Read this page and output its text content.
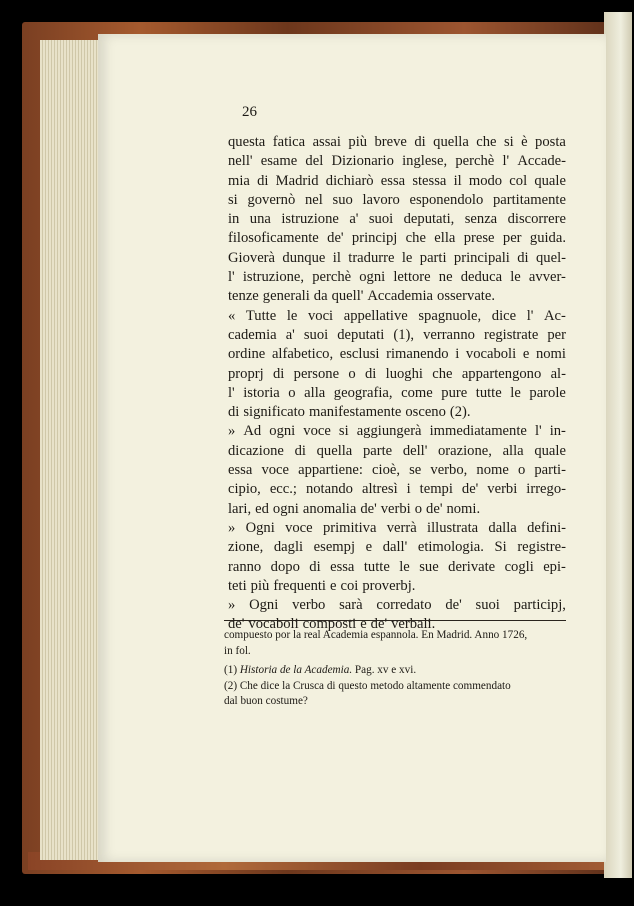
26
questa fatica assai più breve di quella che si è posta
nell' esame del Dizionario inglese, perchè l' Accade-
mia di Madrid dichiarò essa stessa il modo col quale
si governò nel suo lavoro esponendolo partitamente
in una istruzione a' suoi deputati, senza discorrere
filosoficamente de' principj che ella prese per guida.
Gioverà dunque il tradurre le parti principali di quel-
l' istruzione, perchè ogni lettore ne deduca le avver-
tenze generali da quell' Accademia osservate.
« Tutte le voci appellative spagnuole, dice l' Ac-
cademia a' suoi deputati (1), verranno registrate per
ordine alfabetico, esclusi rimanendo i vocaboli e nomi
proprj di persone o di luoghi che appartengono al-
l' istoria o alla geografia, come pure tutte le parole
di significato manifestamente osceno (2).
» Ad ogni voce si aggiungerà immediatamente l' in-
dicazione di quella parte dell' orazione, alla quale
essa voce appartiene: cioè, se verbo, nome o parti-
cipio, ecc.; notando altresì i tempi de' verbi irrego-
lari, ed ogni anomalia de' verbi o de' nomi.
» Ogni voce primitiva verrà illustrata dalla defini-
zione, dagli esempj e dall' etimologia. Si registre-
ranno dopo di essa tutte le sue derivate cogli epi-
teti più frequenti e coi proverbj.
» Ogni verbo sarà corredato de' suoi participj,
de' vocaboli composti e de' verbali.

compuesto por la real Academia espannola. En Madrid. Anno 1726,
in fol.

(1) Historia de la Academia. Pag. xv e xvi.

(2) Che dice la Crusca di questo metodo altamente commendato
dal buon costume?
